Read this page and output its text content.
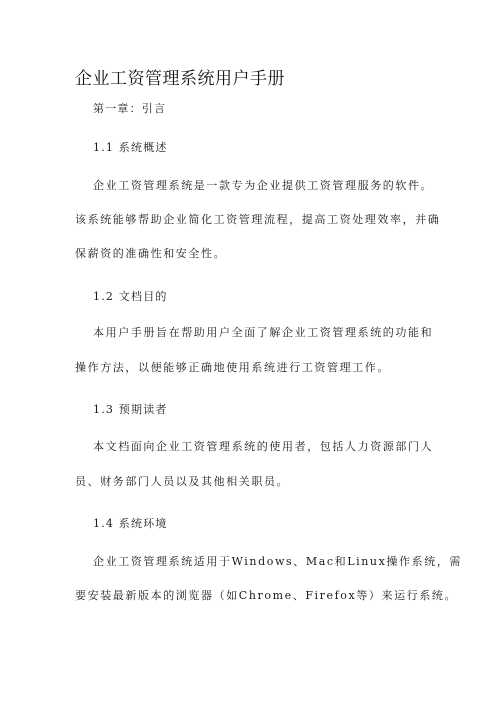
企业工资管理系统用户手册
第一章：引言
1.1 系统概述
企业工资管理系统是一款专为企业提供工资管理服务的软件。
该系统能够帮助企业简化工资管理流程，提高工资处理效率，并确
保薪资的准确性和安全性。
1.2 文档目的
本用户手册旨在帮助用户全面了解企业工资管理系统的功能和
操作方法，以便能够正确地使用系统进行工资管理工作。
1.3 预期读者
本文档面向企业工资管理系统的使用者，包括人力资源部门人
员、财务部门人员以及其他相关职员。
1.4 系统环境
企业工资管理系统适用于Windows、Mac和Linux操作系统，需
要安装最新版本的浏览器（如Chrome、Firefox等）来运行系统。
